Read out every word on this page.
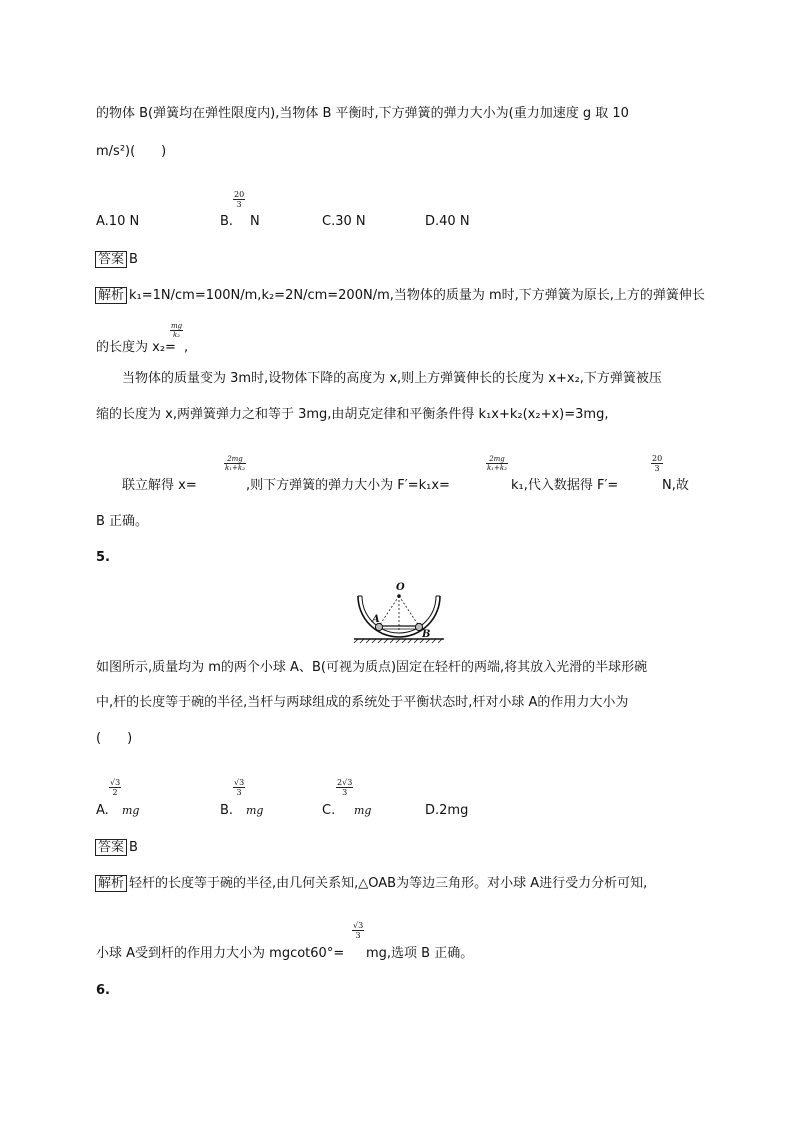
的物体 B(弹簧均在弹性限度内),当物体 B 平衡时,下方弹簧的弹力大小为(重力加速度 g 取 10
m/s²)(　　)
A.10 N	B.
$\frac{20}{3}$
N	C.30 N	D.40 N
答案 B
解析 k₁=1N/cm=100N/m,k₂=2N/cm=200N/m,当物体的质量为 m时,下方弹簧为原长,上方的弹簧伸长
的长度为 x₂=
$\frac{mg}{\text{k₂}}$
,
当物体的质量变为 3m时,设物体下降的高度为 x,则上方弹簧伸长的长度为 x+x₂,下方弹簧被压
缩的长度为 x,两弹簧弹力之和等于 3mg,由胡克定律和平衡条件得 k₁x+k₂(x₂+x)=3mg,
联立解得 x=
$\frac{2mg}{\text{k₁+k₂}}$
,则下方弹簧的弹力大小为 F′=k₁x=
$\frac{2mg}{\text{k₁+k₂}}$
k₁,代入数据得 F′=
$\frac{20}{3}$
N,故
B 正确。
5.
O
A
B
如图所示,质量均为 m的两个小球 A、B(可视为质点)固定在轻杆的两端,将其放入光滑的半球形碗
中,杆的长度等于碗的半径,当杆与两球组成的系统处于平衡状态时,杆对小球 A的作用力大小为
(　　)
A.
$\frac{√3}{2}$
mg	B.
$\frac{√3}{3}$
mg	C.
$\frac{2√3}{3}$
mg	D.2mg
答案 B
解析 轻杆的长度等于碗的半径,由几何关系知,△OAB为等边三角形。对小球 A进行受力分析可知,
小球 A受到杆的作用力大小为 mgcot60°=
$\frac{√3}{3}$
mg,选项 B 正确。
6.
